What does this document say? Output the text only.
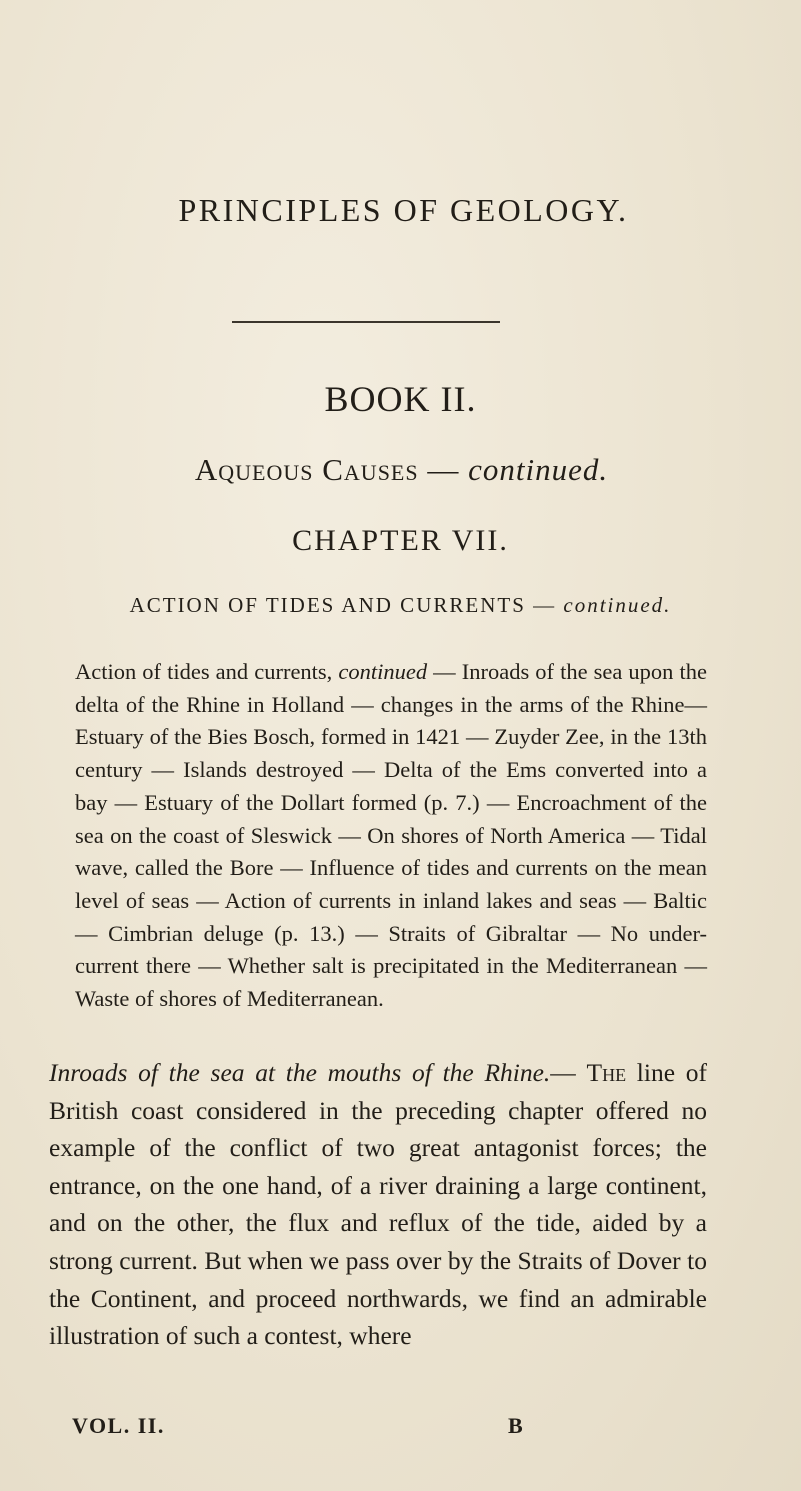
PRINCIPLES OF GEOLOGY.
BOOK II.
Aqueous Causes — continued.
CHAPTER VII.
ACTION OF TIDES AND CURRENTS — continued.
Action of tides and currents, continued — Inroads of the sea upon the delta of the Rhine in Holland — changes in the arms of the Rhine— Estuary of the Bies Bosch, formed in 1421 — Zuyder Zee, in the 13th century — Islands destroyed — Delta of the Ems converted into a bay — Estuary of the Dollart formed (p. 7.) — Encroachment of the sea on the coast of Sleswick — On shores of North America — Tidal wave, called the Bore — Influence of tides and currents on the mean level of seas — Action of currents in inland lakes and seas — Baltic — Cimbrian deluge (p. 13.) — Straits of Gibraltar — No under-current there — Whether salt is precipitated in the Mediterranean — Waste of shores of Mediterranean.
Inroads of the sea at the mouths of the Rhine.— The line of British coast considered in the preceding chapter offered no example of the conflict of two great antagonist forces; the entrance, on the one hand, of a river draining a large continent, and on the other, the flux and reflux of the tide, aided by a strong current. But when we pass over by the Straits of Dover to the Continent, and proceed northwards, we find an admirable illustration of such a contest, where
VOL. II.	B
